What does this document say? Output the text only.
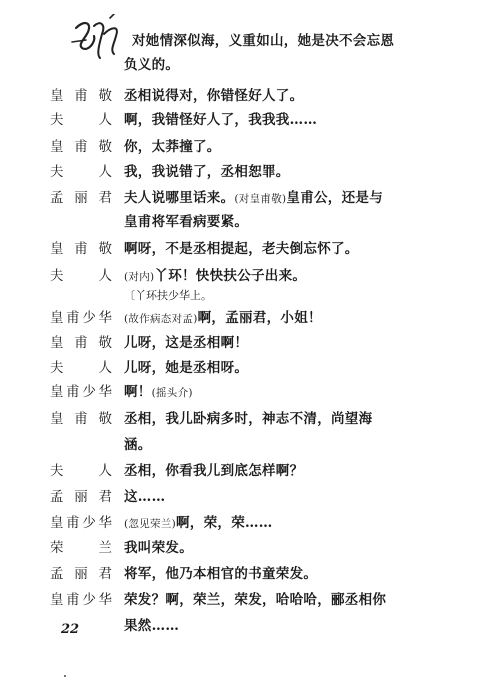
对她情深似海，义重如山，她是决不会忘恩
负义的。
皇 甫 敬 丞相说得对，你错怪好人了。
夫	人 啊，我错怪好人了，我我我……
皇 甫 敬 你，太莽撞了。
夫	人 我，我说错了，丞相恕罪。
孟 丽 君 夫人说哪里话来。(对皇甫敬)皇甫公，还是与
皇甫将军看病要紧。
皇 甫 敬 啊呀，不是丞相提起，老夫倒忘怀了。
夫	人 (对内)丫环！快快扶公子出来。
〔丫环扶少华上。
皇 甫 少 华 (故作病态对孟)啊，孟丽君，小姐！
皇 甫 敬 儿呀，这是丞相啊！
夫	人 儿呀，她是丞相呀。
皇 甫 少 华 啊！(摇头介)
皇 甫 敬 丞相，我儿卧病多时，神志不清，尚望海
涵。
夫	人 丞相，你看我儿到底怎样啊？
孟 丽 君 这……
皇 甫 少 华 (忽见荣兰)啊，荣，荣……
荣	兰 我叫荣发。
孟 丽 君 将军，他乃本相官的书童荣发。
皇 甫 少 华 荣发？啊，荣兰，荣发，哈哈哈，郦丞相你
果然……
22
